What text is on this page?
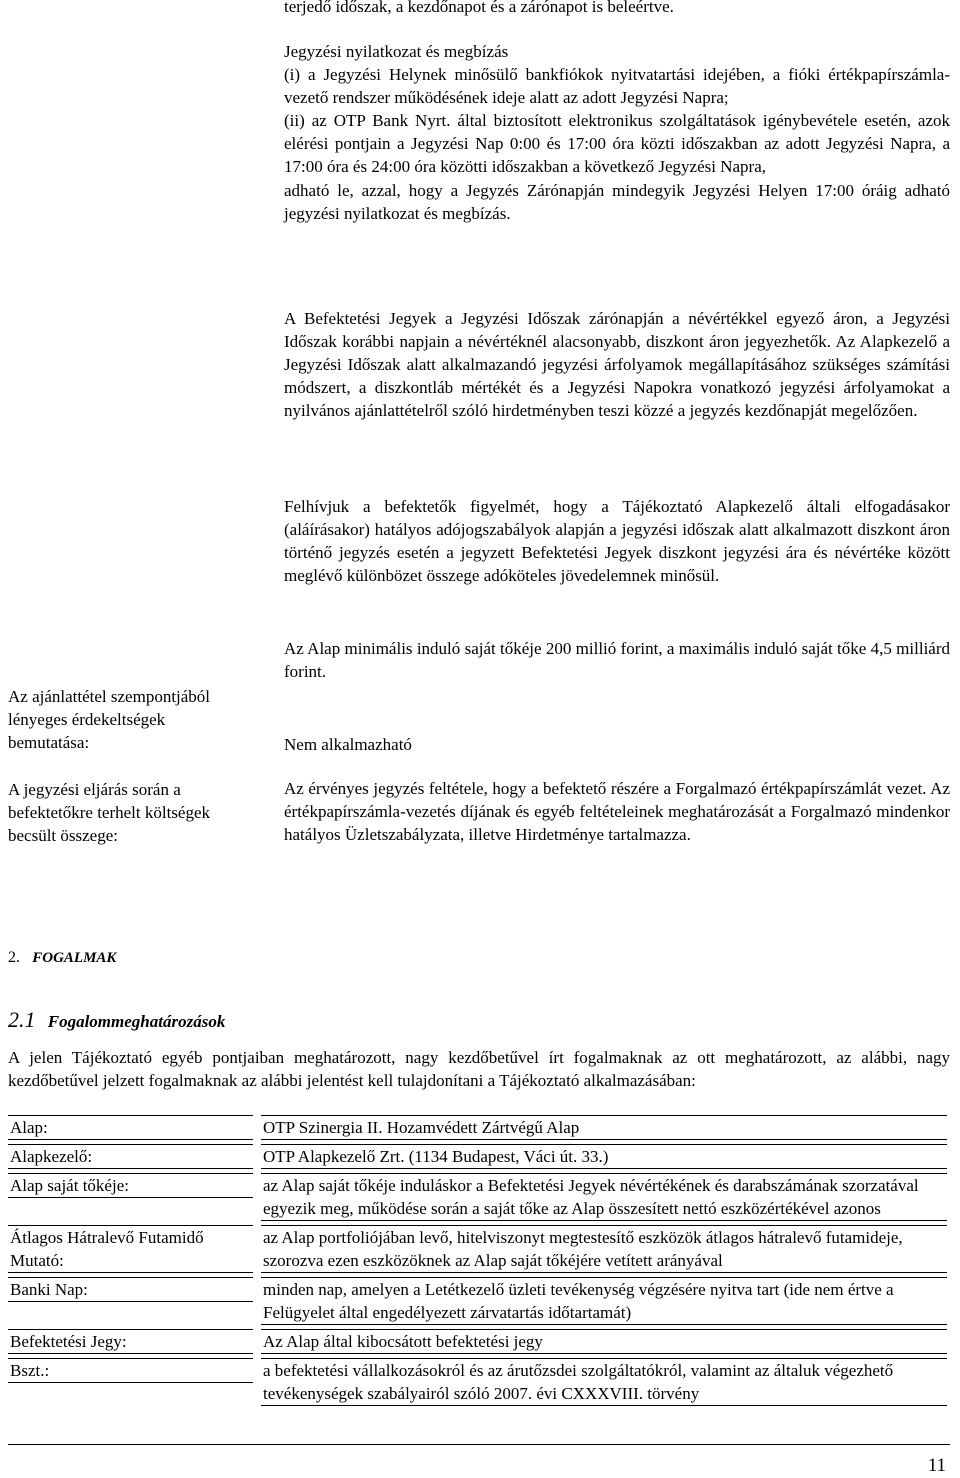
terjedő időszak, a kezdőnapot és a zárónapot is beleértve.

Jegyzési nyilatkozat és megbízás

(i) a Jegyzési Helynek minősülő bankfiókok nyitvatartási idejében, a fióki értékpapírszámla-vezető rendszer működésének ideje alatt az adott Jegyzési Napra;

(ii) az OTP Bank Nyrt. által biztosított elektronikus szolgáltatások igénybevétele esetén, azok elérési pontjain a Jegyzési Nap 0:00 és 17:00 óra közti időszakban az adott Jegyzési Napra, a 17:00 óra és 24:00 óra közötti időszakban a következő Jegyzési Napra,

adható le, azzal, hogy a Jegyzés Zárónapján mindegyik Jegyzési Helyen 17:00 óráig adható jegyzési nyilatkozat és megbízás.

A Befektetési Jegyek a Jegyzési Időszak zárónapján a névértékkel egyező áron, a Jegyzési Időszak korábbi napjain a névértéknél alacsonyabb, diszkont áron jegyezhetők. Az Alapkezelő a Jegyzési Időszak alatt alkalmazandó jegyzési árfolyamok megállapításához szükséges számítási módszert, a diszkontláb mértékét és a Jegyzési Napokra vonatkozó jegyzési árfolyamokat a nyilvános ajánlattételről szóló hirdetményben teszi közzé a jegyzés kezdőnapját megelőzően.

Felhívjuk a befektetők figyelmét, hogy a Tájékoztató Alapkezelő általi elfogadásakor (aláírásakor) hatályos adójogszabályok alapján a jegyzési időszak alatt alkalmazott diszkont áron történő jegyzés esetén a jegyzett Befektetési Jegyek diszkont jegyzési ára és névértéke között meglévő különbözet összege adóköteles jövedelemnek minősül.

Az Alap minimális induló saját tőkéje 200 millió forint, a maximális induló saját tőke 4,5 milliárd forint.

Az ajánlattétel szempontjából lényeges érdekeltségek bemutatása:	Nem alkalmazható

A jegyzési eljárás során a befektetőkre terhelt költségek becsült összege:

Az érvényes jegyzés feltétele, hogy a befektető részére a Forgalmazó értékpapírszámlát vezet. Az értékpapírszámla-vezetés díjának és egyéb feltételeinek meghatározását a Forgalmazó mindenkor hatályos Üzletszabályzata, illetve Hirdetménye tartalmazza.

2. FOGALMAK
2.1 Fogalommeghatározások

A jelen Tájékoztató egyéb pontjaiban meghatározott, nagy kezdőbetűvel írt fogalmaknak az ott meghatározott, az alábbi, nagy kezdőbetűvel jelzett fogalmaknak az alábbi jelentést kell tulajdonítani a Tájékoztató alkalmazásában:

Alap:	OTP Szinergia II. Hozamvédett Zártvégű Alap

Alapkezelő:	OTP Alapkezelő Zrt. (1134 Budapest, Váci út. 33.)

Alap saját tőkéje:	az Alap saját tőkéje induláskor a Befektetési Jegyek névértékének és darabszámának szorzatával egyezik meg, működése során a saját tőke az Alap összesített nettó eszközértékével azonos

Átlagos Hátralevő Futamidő Mutató:	az Alap portfoliójában levő, hitelviszonyt megtestesítő eszközök átlagos hátralevő futamideje, szorozva ezen eszközöknek az Alap saját tőkéjére vetített arányával

Banki Nap:	minden nap, amelyen a Letétkezelő üzleti tevékenység végzésére nyitva tart (ide nem értve a Felügyelet által engedélyezett zárvatartás időtartamát)

Befektetési Jegy:	Az Alap által kibocsátott befektetési jegy

Bszt.:	a befektetési vállalkozásokról és az árutőzsdei szolgáltatókról, valamint az általuk végezhető tevékenységek szabályairól szóló 2007. évi CXXXVIII. törvény
11
